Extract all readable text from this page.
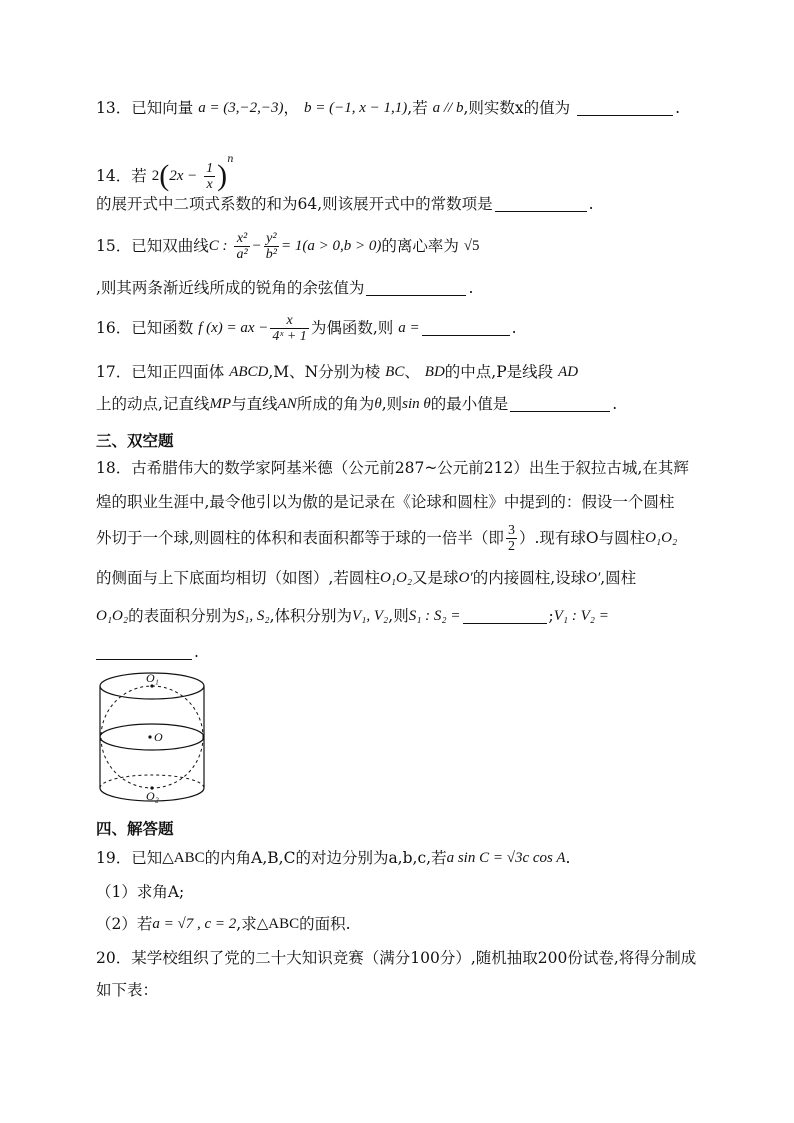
13．已知向量 a = (3,−2,−3)， b = (−1, x − 1,1),若 a // b,则实数x的值为	.
14．若 $2(2x - \frac{1}{x} )^n$
的展开式中二项式系数的和为64,则该展开式中的常数项是	.
15．已知双曲线C : $\frac{\text{x²}}{\text{a²}} - \frac{\text{y²}}{\text{b²}} = 1(a > 0,b > 0)$的离心率为 √5
,则其两条渐近线所成的锐角的余弦值为	.
16．已知函数 f (x) = ax − $\frac{x}{\text{4ˣ + 1}}$ 为偶函数,则 a =	.
17．已知正四面体 ABCD,M、N分别为棱 BC、 BD的中点,P是线段 AD
上的动点,记直线MP与直线AN所成的角为θ,则sin θ的最小值是	.
三、双空题
18．古希腊伟大的数学家阿基米德（公元前287~公元前212）出生于叙拉古城,在其辉
煌的职业生涯中,最令他引以为傲的是记录在《论球和圆柱》中提到的：假设一个圆柱
外切于一个球,则圆柱的体积和表面积都等于球的一倍半（即 $\frac{3}{2}$ ）.现有球O与圆柱O₁O₂
的侧面与上下底面均相切（如图）,若圆柱O₁O₂又是球O′的内接圆柱,设球O′,圆柱
O₁O₂的表面积分别为S₁, S₂,体积分别为V₁, V₂,则S₁ : S₂ =	;V₁ : V₂ =
.
O₁
O
O₂
四、解答题
19．已知△ABC的内角A,B,C的对边分别为a,b,c,若a sin C = √3c cos A.
（1）求角A;
（2）若a = √7 , c = 2,求△ABC的面积.
20．某学校组织了党的二十大知识竞赛（满分100分）,随机抽取200份试卷,将得分制成
如下表：
